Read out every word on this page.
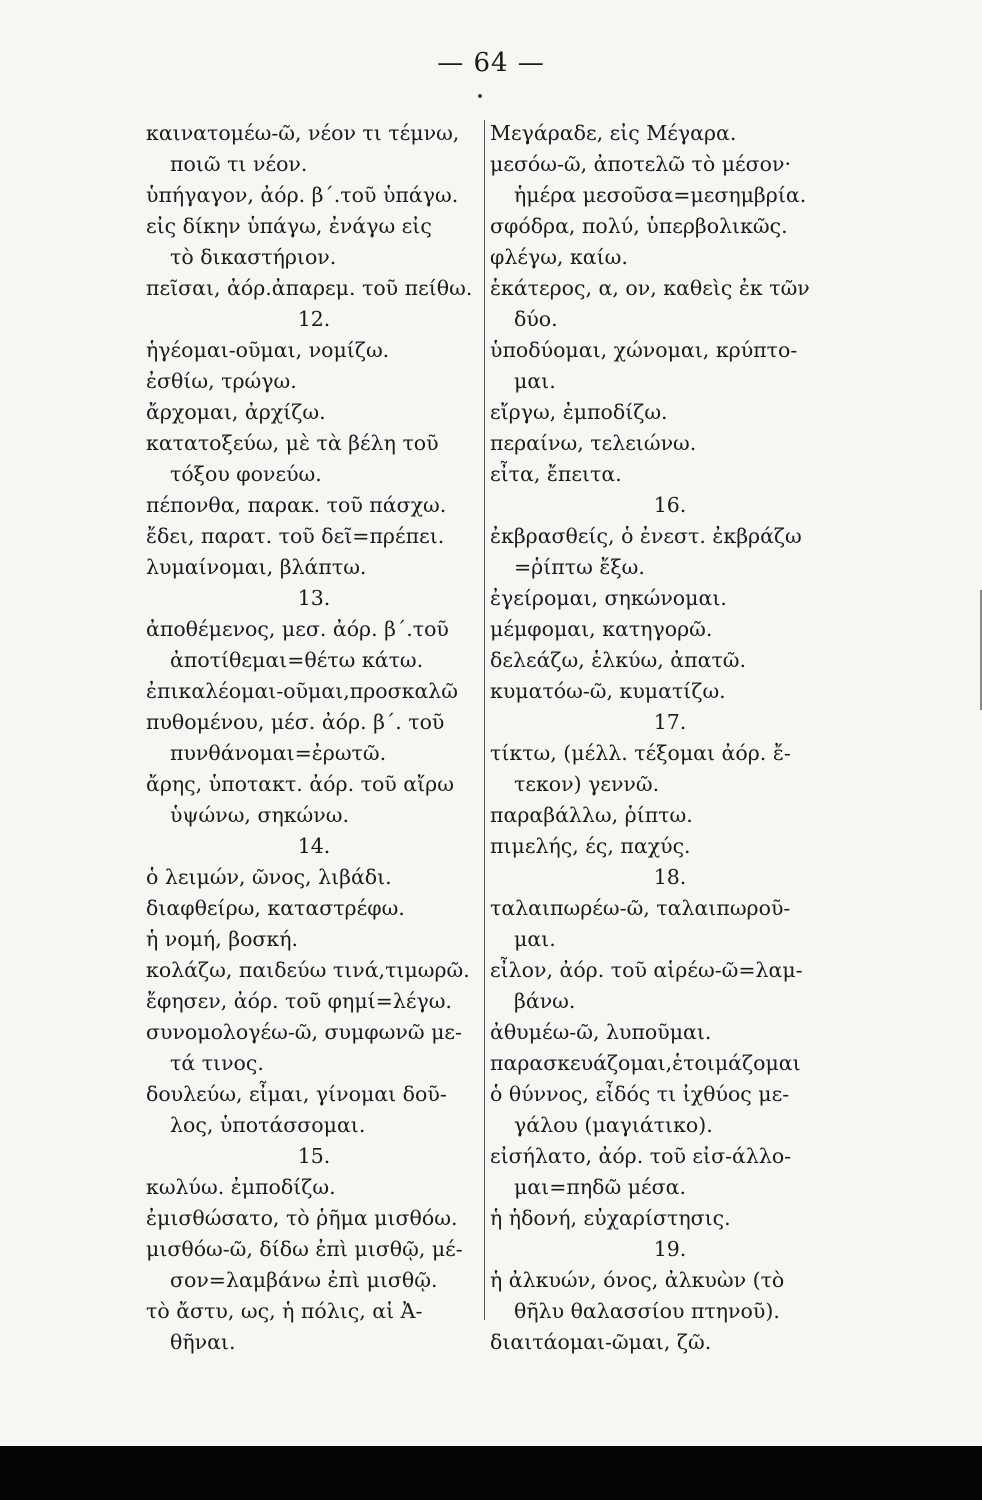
— 64 —
καινατομέω-ῶ, νέον τι τέμνω,
ποιῶ τι νέον.
ὑπήγαγον, ἀόρ. β΄.τοῦ ὑπάγω.
εἰς δίκην ὑπάγω, ἐνάγω εἰς
τὸ δικαστήριον.
πεῖσαι, ἀόρ.ἀπαρεμ. τοῦ πείθω.
12.
ἡγέομαι-οῦμαι, νομίζω.
ἐσθίω, τρώγω.
ἄρχομαι, ἀρχίζω.
κατατοξεύω, μὲ τὰ βέλη τοῦ
τόξου φονεύω.
πέπονθα, παρακ. τοῦ πάσχω.
ἔδει, παρατ. τοῦ δεῖ=πρέπει.
λυμαίνομαι, βλάπτω.
13.
ἀποθέμενος, μεσ. ἀόρ. β΄.τοῦ
ἀποτίθεμαι=θέτω κάτω.
ἐπικαλέομαι-οῦμαι,προσκαλῶ
πυθομένου, μέσ. ἀόρ. β΄. τοῦ
πυνθάνομαι=ἐρωτῶ.
ἄρης, ὑποτακτ. ἀόρ. τοῦ αἴρω
ὑψώνω, σηκώνω.
14.
ὁ λειμών, ῶνος, λιβάδι.
διαφθείρω, καταστρέφω.
ἡ νομή, βοσκή.
κολάζω, παιδεύω τινά,τιμωρῶ.
ἔφησεν, ἀόρ. τοῦ φημί=λέγω.
συνομολογέω-ῶ, συμφωνῶ με-
τά τινος.
δουλεύω, εἶμαι, γίνομαι δοῦ-
λος, ὑποτάσσομαι.
15.
κωλύω. ἐμποδίζω.
ἐμισθώσατο, τὸ ῥῆμα μισθόω.
μισθόω-ῶ, δίδω ἐπὶ μισθῷ, μέ-
σον=λαμβάνω ἐπὶ μισθῷ.
τὸ ἄστυ, ως, ἡ πόλις, αἱ Ἀ-
θῆναι.
Μεγάραδε, εἰς Μέγαρα.
μεσόω-ῶ, ἀποτελῶ τὸ μέσον·
ἡμέρα μεσοῦσα=μεσημβρία.
σφόδρα, πολύ, ὑπερβολικῶς.
φλέγω, καίω.
ἑκάτερος, α, ον, καθεὶς ἐκ τῶν
δύο.
ὑποδύομαι, χώνομαι, κρύπτο-
μαι.
εἴργω, ἐμποδίζω.
περαίνω, τελειώνω.
εἶτα, ἔπειτα.
16.
ἐκβρασθείς, ὁ ἐνεστ. ἐκβράζω
=ῥίπτω ἔξω.
ἐγείρομαι, σηκώνομαι.
μέμφομαι, κατηγορῶ.
δελεάζω, ἑλκύω, ἀπατῶ.
κυματόω-ῶ, κυματίζω.
17.
τίκτω, (μέλλ. τέξομαι ἀόρ. ἔ-
τεκον) γεννῶ.
παραβάλλω, ῥίπτω.
πιμελής, ές, παχύς.
18.
ταλαιπωρέω-ῶ, ταλαιπωροῦ-
μαι.
εἶλον, ἀόρ. τοῦ αἱρέω-ῶ=λαμ-
βάνω.
ἀθυμέω-ῶ, λυποῦμαι.
παρασκευάζομαι,ἑτοιμάζομαι
ὁ θύννος, εἶδός τι ἰχθύος με-
γάλου (μαγιάτικο).
εἰσήλατο, ἀόρ. τοῦ εἰσ-άλλο-
μαι=πηδῶ μέσα.
ἡ ἡδονή, εὐχαρίστησις.
19.
ἡ ἀλκυών, όνος, ἀλκυὼν (τὸ
θῆλυ θαλασσίου πτηνοῦ).
διαιτάομαι-ῶμαι, ζῶ.
